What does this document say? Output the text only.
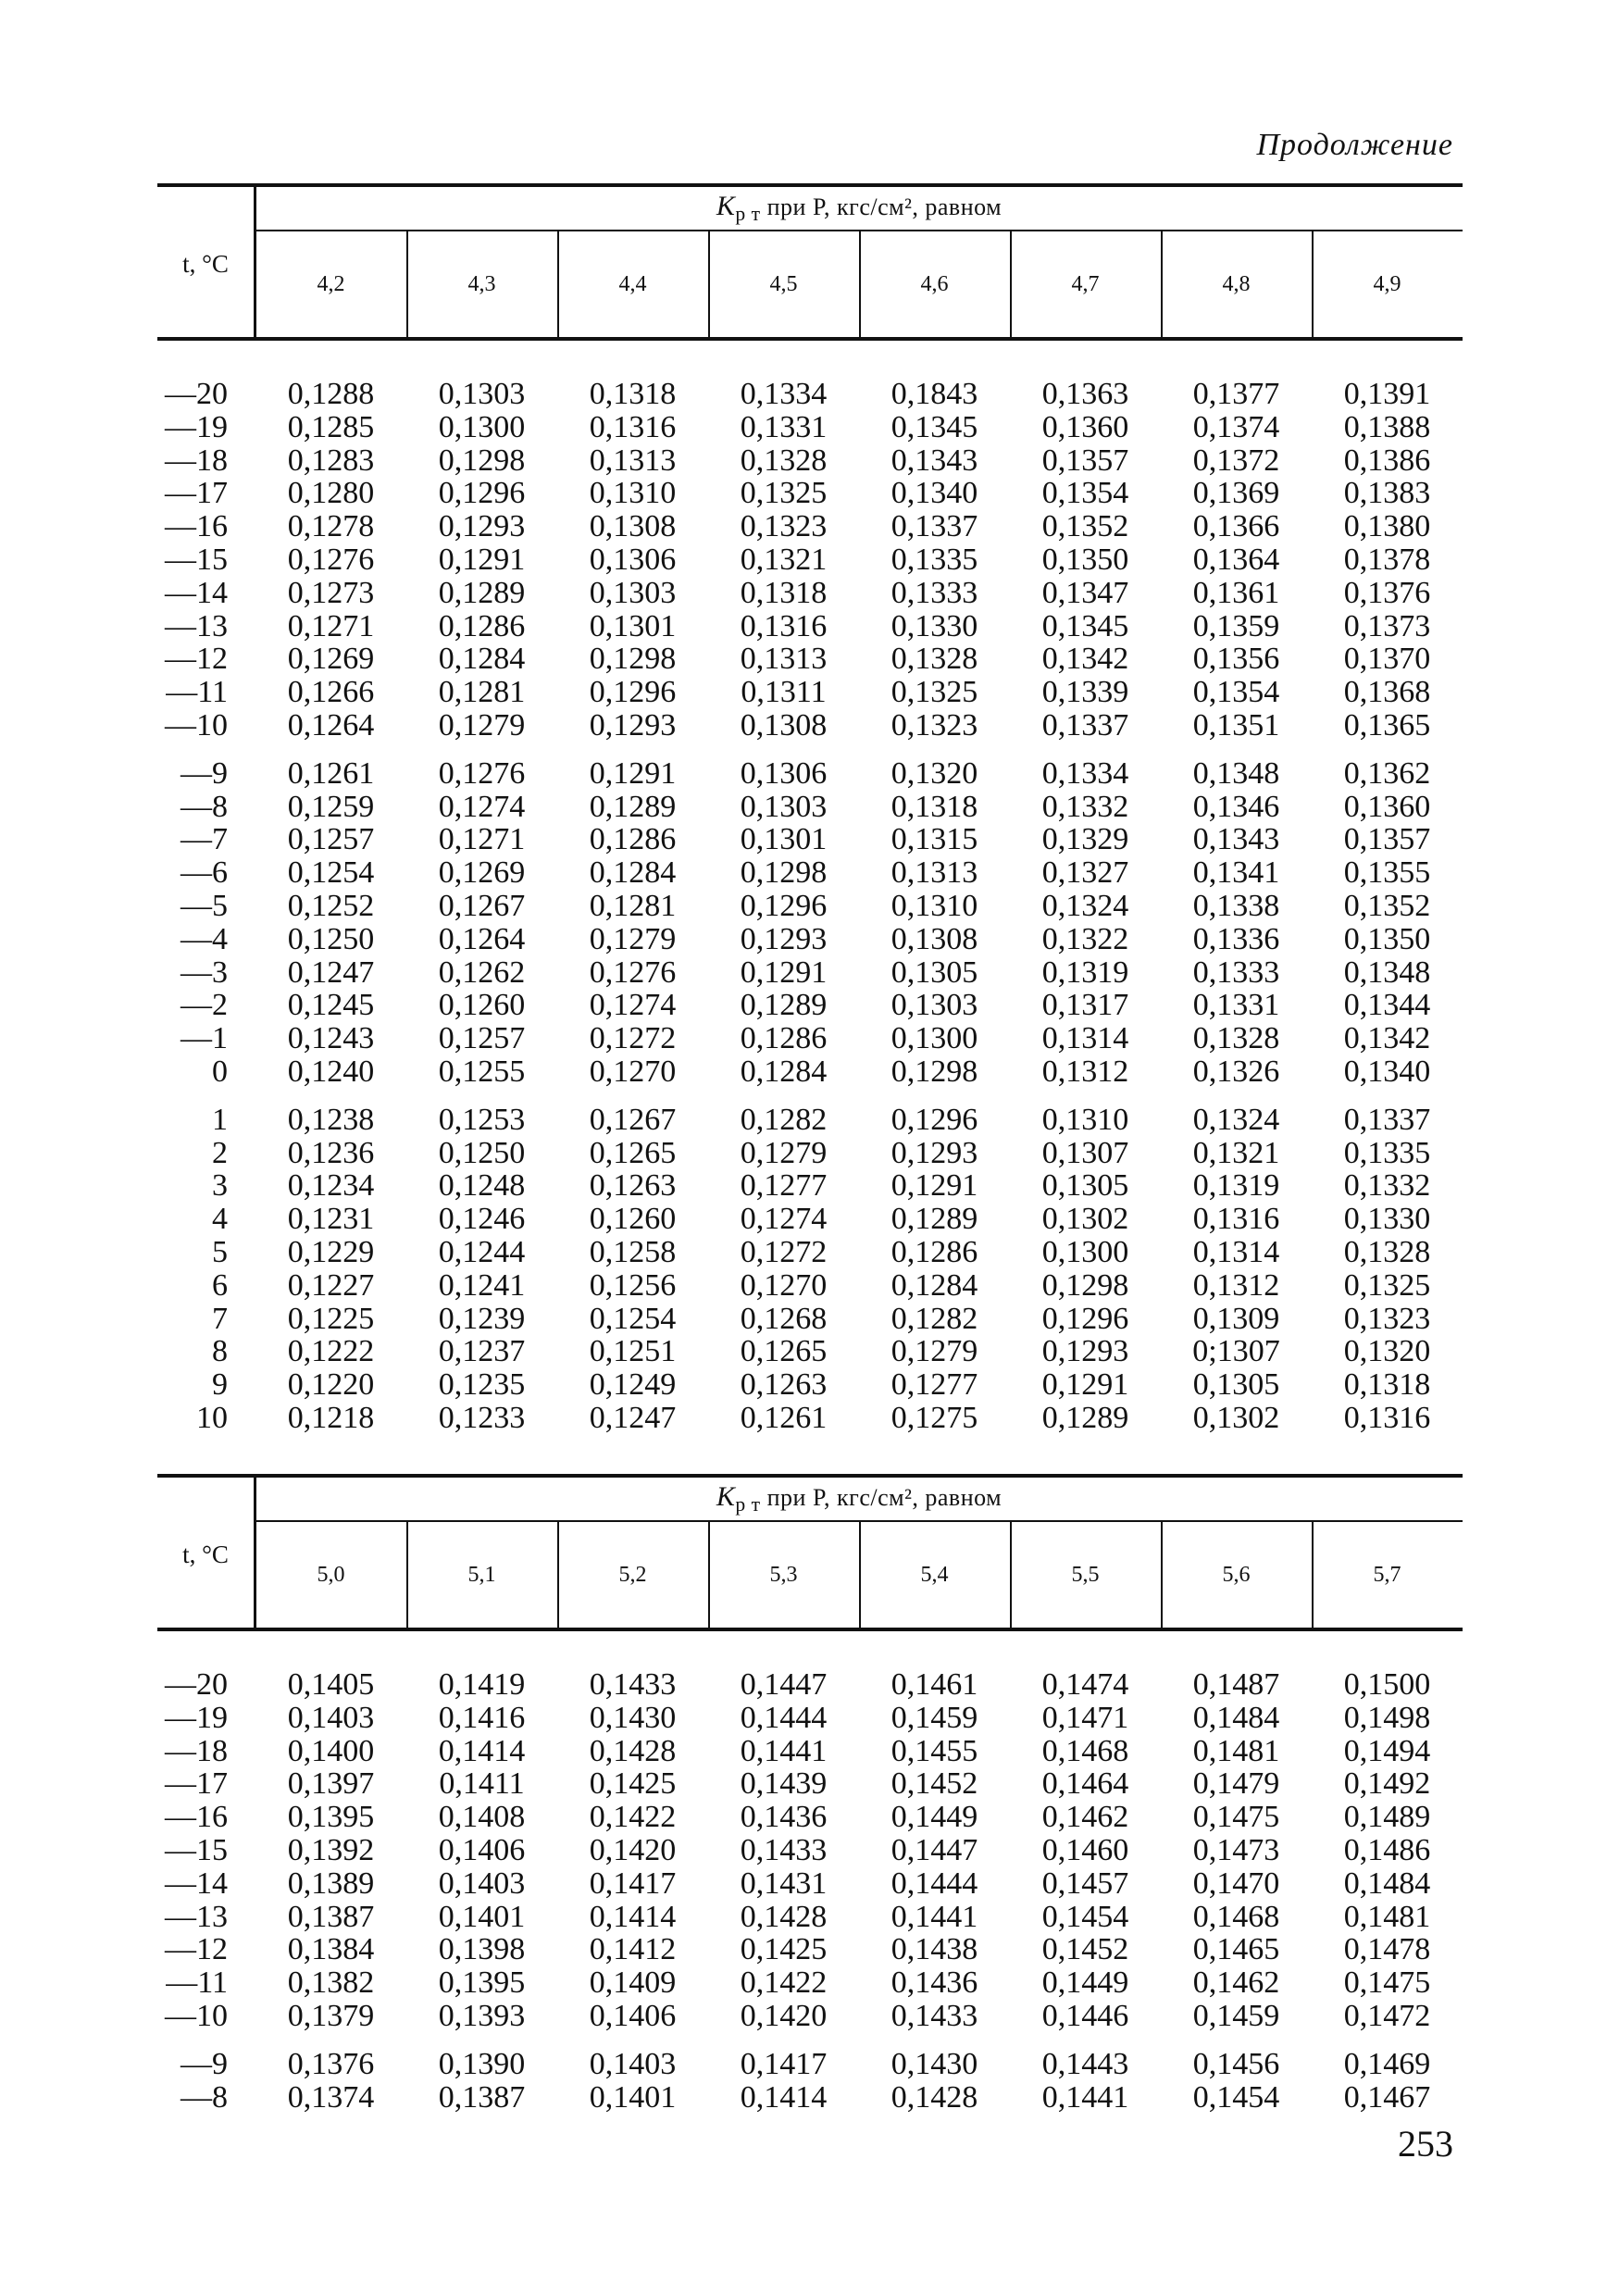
Продолжение
t, °C
$K_{р т}$ при P, кгс/см², равном
4,2	4,3	4,4	4,5	4,6	4,7	4,8	4,9
—20	0,1288	0,1303	0,1318	0,1334	0,1843	0,1363	0,1377	0,1391
—19	0,1285	0,1300	0,1316	0,1331	0,1345	0,1360	0,1374	0,1388
—18	0,1283	0,1298	0,1313	0,1328	0,1343	0,1357	0,1372	0,1386
—17	0,1280	0,1296	0,1310	0,1325	0,1340	0,1354	0,1369	0,1383
—16	0,1278	0,1293	0,1308	0,1323	0,1337	0,1352	0,1366	0,1380
—15	0,1276	0,1291	0,1306	0,1321	0,1335	0,1350	0,1364	0,1378
—14	0,1273	0,1289	0,1303	0,1318	0,1333	0,1347	0,1361	0,1376
—13	0,1271	0,1286	0,1301	0,1316	0,1330	0,1345	0,1359	0,1373
—12	0,1269	0,1284	0,1298	0,1313	0,1328	0,1342	0,1356	0,1370
—11	0,1266	0,1281	0,1296	0,1311	0,1325	0,1339	0,1354	0,1368
—10	0,1264	0,1279	0,1293	0,1308	0,1323	0,1337	0,1351	0,1365
—9	0,1261	0,1276	0,1291	0,1306	0,1320	0,1334	0,1348	0,1362
—8	0,1259	0,1274	0,1289	0,1303	0,1318	0,1332	0,1346	0,1360
—7	0,1257	0,1271	0,1286	0,1301	0,1315	0,1329	0,1343	0,1357
—6	0,1254	0,1269	0,1284	0,1298	0,1313	0,1327	0,1341	0,1355
—5	0,1252	0,1267	0,1281	0,1296	0,1310	0,1324	0,1338	0,1352
—4	0,1250	0,1264	0,1279	0,1293	0,1308	0,1322	0,1336	0,1350
—3	0,1247	0,1262	0,1276	0,1291	0,1305	0,1319	0,1333	0,1348
—2	0,1245	0,1260	0,1274	0,1289	0,1303	0,1317	0,1331	0,1344
—1	0,1243	0,1257	0,1272	0,1286	0,1300	0,1314	0,1328	0,1342
0	0,1240	0,1255	0,1270	0,1284	0,1298	0,1312	0,1326	0,1340
1	0,1238	0,1253	0,1267	0,1282	0,1296	0,1310	0,1324	0,1337
2	0,1236	0,1250	0,1265	0,1279	0,1293	0,1307	0,1321	0,1335
3	0,1234	0,1248	0,1263	0,1277	0,1291	0,1305	0,1319	0,1332
4	0,1231	0,1246	0,1260	0,1274	0,1289	0,1302	0,1316	0,1330
5	0,1229	0,1244	0,1258	0,1272	0,1286	0,1300	0,1314	0,1328
6	0,1227	0,1241	0,1256	0,1270	0,1284	0,1298	0,1312	0,1325
7	0,1225	0,1239	0,1254	0,1268	0,1282	0,1296	0,1309	0,1323
8	0,1222	0,1237	0,1251	0,1265	0,1279	0,1293	0;1307	0,1320
9	0,1220	0,1235	0,1249	0,1263	0,1277	0,1291	0,1305	0,1318
10	0,1218	0,1233	0,1247	0,1261	0,1275	0,1289	0,1302	0,1316
t, °C
$K_{р т}$ при P, кгс/см², равном
5,0	5,1	5,2	5,3	5,4	5,5	5,6	5,7
—20	0,1405	0,1419	0,1433	0,1447	0,1461	0,1474	0,1487	0,1500
—19	0,1403	0,1416	0,1430	0,1444	0,1459	0,1471	0,1484	0,1498
—18	0,1400	0,1414	0,1428	0,1441	0,1455	0,1468	0,1481	0,1494
—17	0,1397	0,1411	0,1425	0,1439	0,1452	0,1464	0,1479	0,1492
—16	0,1395	0,1408	0,1422	0,1436	0,1449	0,1462	0,1475	0,1489
—15	0,1392	0,1406	0,1420	0,1433	0,1447	0,1460	0,1473	0,1486
—14	0,1389	0,1403	0,1417	0,1431	0,1444	0,1457	0,1470	0,1484
—13	0,1387	0,1401	0,1414	0,1428	0,1441	0,1454	0,1468	0,1481
—12	0,1384	0,1398	0,1412	0,1425	0,1438	0,1452	0,1465	0,1478
—11	0,1382	0,1395	0,1409	0,1422	0,1436	0,1449	0,1462	0,1475
—10	0,1379	0,1393	0,1406	0,1420	0,1433	0,1446	0,1459	0,1472
—9	0,1376	0,1390	0,1403	0,1417	0,1430	0,1443	0,1456	0,1469
—8	0,1374	0,1387	0,1401	0,1414	0,1428	0,1441	0,1454	0,1467
253
